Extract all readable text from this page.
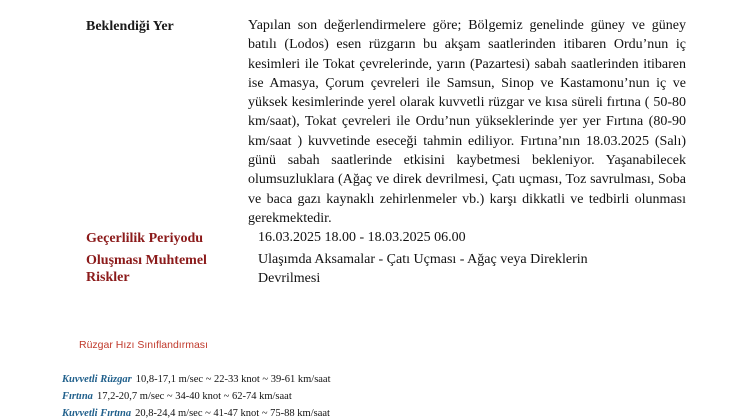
Beklendiği Yer	Yapılan son değerlendirmelere göre; Bölgemiz genelinde güney ve güney batılı (Lodos) esen rüzgarın bu akşam saatlerinden itibaren Ordu’nun iç kesimleri ile Tokat çevrelerinde, yarın (Pazartesi) sabah saatlerinden itibaren ise Amasya, Çorum çevreleri ile Samsun, Sinop ve Kastamonu’nun iç ve yüksek kesimlerinde yerel olarak kuvvetli rüzgar ve kısa süreli fırtına ( 50-80 km/saat), Tokat çevreleri ile Ordu’nun yükseklerinde yer yer Fırtına (80-90 km/saat ) kuvvetinde eseceği tahmin ediliyor. Fırtına’nın 18.03.2025 (Salı) günü sabah saatlerinde etkisini kaybetmesi bekleniyor. Yaşanabilecek olumsuzluklara (Ağaç ve direk devrilmesi, Çatı uçması, Toz savrulması, Soba ve baca gazı kaynaklı zehirlenmeler vb.) karşı dikkatli ve tedbirli olunması gerekmektedir.
Geçerlilik Periyodu	16.03.2025 18.00 - 18.03.2025 06.00
Oluşması Muhtemel
Riskler
Ulaşımda Aksamalar - Çatı Uçması - Ağaç veya Direklerin
Devrilmesi
Rüzgar Hızı Sınıflandırması
Kuvvetli Rüzgar 10,8-17,1 m/sec ~ 22-33 knot ~ 39-61 km/saat
Fırtına 17,2-20,7 m/sec ~ 34-40 knot ~ 62-74 km/saat
Kuvvetli Fırtına 20,8-24,4 m/sec ~ 41-47 knot ~ 75-88 km/saat
